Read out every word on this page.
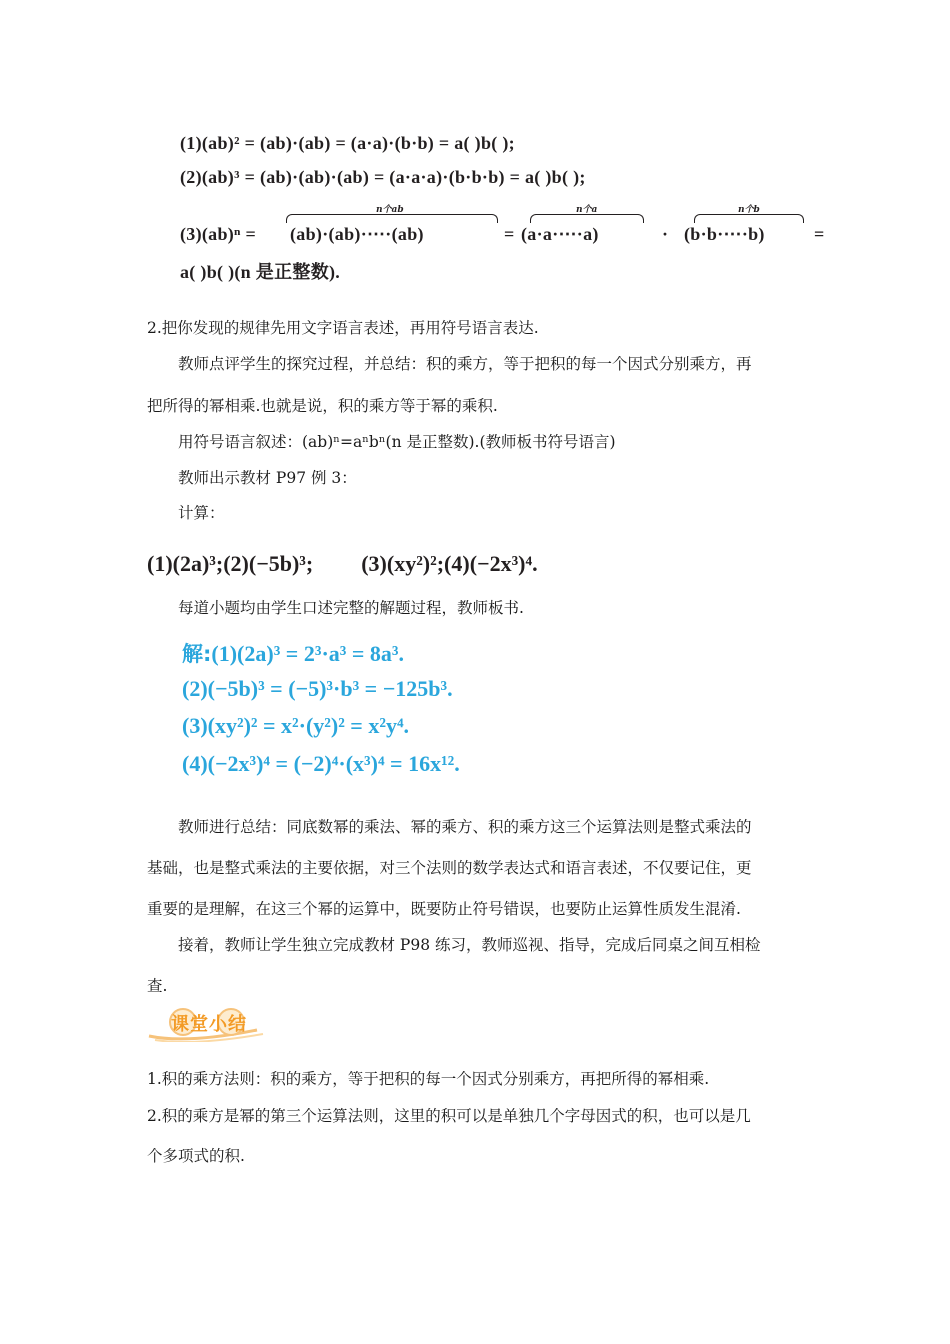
(1)(ab)² = (ab)·(ab) = (a·a)·(b·b) = a( )b( );
(2)(ab)³ = (ab)·(ab)·(ab) = (a·a·a)·(b·b·b) = a( )b( );
(3)(ab)ⁿ =
n个ab
(ab)·(ab)·⋯·(ab)	=
n个a
(a·a·⋯·a)	·
n个b
(b·b·⋯·b)	=
a( )b( )(n 是正整数).
2.把你发现的规律先用文字语言表述，再用符号语言表达.
教师点评学生的探究过程，并总结：积的乘方，等于把积的每一个因式分别乘方，再
把所得的幂相乘.也就是说，积的乘方等于幂的乘积.
用符号语言叙述：(ab)ⁿ=aⁿbⁿ(n 是正整数).(教师板书符号语言)
教师出示教材 P97 例 3：
计算：
(1)(2a)³;(2)(−5b)³; (3)(xy²)²;(4)(−2x³)⁴.
每道小题均由学生口述完整的解题过程，教师板书.
解:(1)(2a)³ = 2³·a³ = 8a³.
(2)(−5b)³ = (−5)³·b³ = −125b³.
(3)(xy²)² = x²·(y²)² = x²y⁴.
(4)(−2x³)⁴ = (−2)⁴·(x³)⁴ = 16x¹².
教师进行总结：同底数幂的乘法、幂的乘方、积的乘方这三个运算法则是整式乘法的
基础，也是整式乘法的主要依据，对三个法则的数学表达式和语言表述，不仅要记住，更
重要的是理解，在这三个幂的运算中，既要防止符号错误，也要防止运算性质发生混淆.
接着，教师让学生独立完成教材 P98 练习，教师巡视、指导，完成后同桌之间互相检
查.
课堂小结
1.积的乘方法则：积的乘方，等于把积的每一个因式分别乘方，再把所得的幂相乘.
2.积的乘方是幂的第三个运算法则，这里的积可以是单独几个字母因式的积，也可以是几
个多项式的积.
